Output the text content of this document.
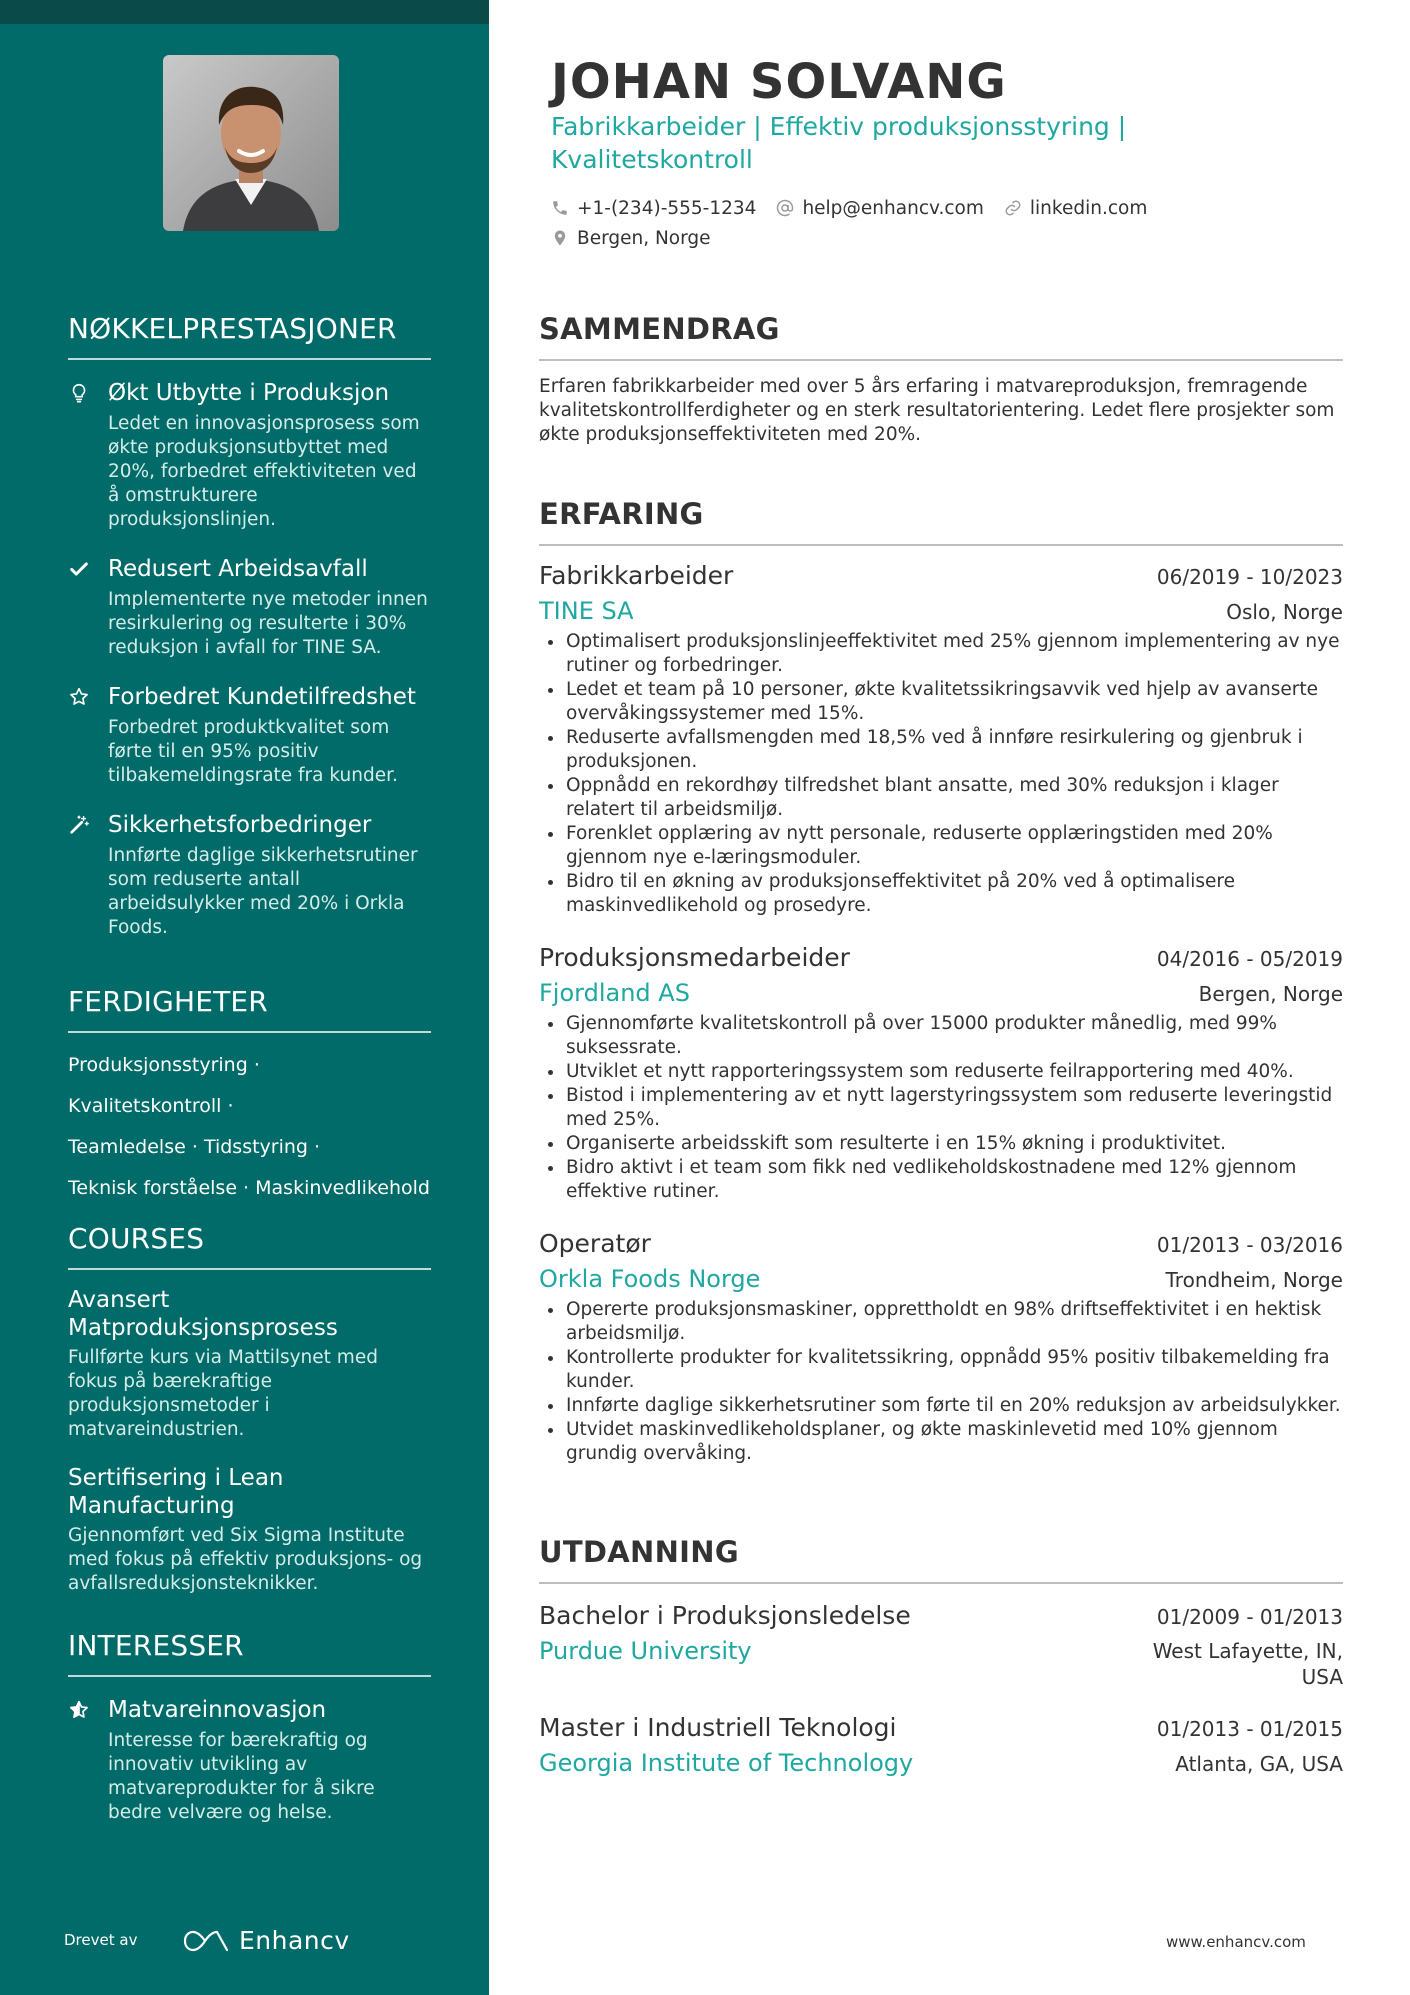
NØKKELPRESTASJONER
Økt Utbytte i Produksjon
Ledet en innovasjonsprosess som økte produksjonsutbyttet med 20%, forbedret effektiviteten ved å omstrukturere produksjonslinjen.
Redusert Arbeidsavfall
Implementerte nye metoder innen resirkulering og resulterte i 30% reduksjon i avfall for TINE SA.
Forbedret Kundetilfredshet
Forbedret produktkvalitet som førte til en 95% positiv tilbakemeldingsrate fra kunder.
Sikkerhetsforbedringer
Innførte daglige sikkerhetsrutiner som reduserte antall arbeidsulykker med 20% i Orkla Foods.
FERDIGHETER
Produksjonsstyring · Kvalitetskontroll ·
Teamledelse · Tidsstyring ·
Teknisk forståelse · Maskinvedlikehold
COURSES
Avansert Matproduksjonsprosess
Fullførte kurs via Mattilsynet med fokus på bærekraftige produksjonsmetoder i matvareindustrien.
Sertifisering i Lean Manufacturing
Gjennomført ved Six Sigma Institute med fokus på effektiv produksjons- og avfallsreduksjonsteknikker.
INTERESSER
Matvareinnovasjon
Interesse for bærekraftig og innovativ utvikling av matvareprodukter for å sikre bedre velvære og helse.
Drevet av	Enhancv
JOHAN SOLVANG
Fabrikkarbeider | Effektiv produksjonsstyring | Kvalitetskontroll
+1-(234)-555-1234 help@enhancv.com linkedin.com
Bergen, Norge
SAMMENDRAG

Erfaren fabrikkarbeider med over 5 års erfaring i matvareproduksjon, fremragende kvalitetskontrollferdigheter og en sterk resultatorientering. Ledet flere prosjekter som økte produksjonseffektiviteten med 20%.

ERFARING
Fabrikkarbeider	06/2019 - 10/2023
TINE SA	Oslo, Norge
Optimalisert produksjonslinjeeffektivitet med 25% gjennom implementering av nye rutiner og forbedringer.
Ledet et team på 10 personer, økte kvalitetssikringsavvik ved hjelp av avanserte overvåkingssystemer med 15%.
Reduserte avfallsmengden med 18,5% ved å innføre resirkulering og gjenbruk i produksjonen.
Oppnådd en rekordhøy tilfredshet blant ansatte, med 30% reduksjon i klager relatert til arbeidsmiljø.
Forenklet opplæring av nytt personale, reduserte opplæringstiden med 20% gjennom nye e-læringsmoduler.
Bidro til en økning av produksjonseffektivitet på 20% ved å optimalisere maskinvedlikehold og prosedyre.
Produksjonsmedarbeider	04/2016 - 05/2019
Fjordland AS	Bergen, Norge
Gjennomførte kvalitetskontroll på over 15000 produkter månedlig, med 99% suksessrate.
Utviklet et nytt rapporteringssystem som reduserte feilrapportering med 40%.
Bistod i implementering av et nytt lagerstyringssystem som reduserte leveringstid med 25%.
Organiserte arbeidsskift som resulterte i en 15% økning i produktivitet.
Bidro aktivt i et team som fikk ned vedlikeholdskostnadene med 12% gjennom effektive rutiner.
Operatør	01/2013 - 03/2016
Orkla Foods Norge	Trondheim, Norge
Opererte produksjonsmaskiner, opprettholdt en 98% driftseffektivitet i en hektisk arbeidsmiljø.
Kontrollerte produkter for kvalitetssikring, oppnådd 95% positiv tilbakemelding fra kunder.
Innførte daglige sikkerhetsrutiner som førte til en 20% reduksjon av arbeidsulykker.
Utvidet maskinvedlikeholdsplaner, og økte maskinlevetid med 10% gjennom grundig overvåking.
UTDANNING
Bachelor i Produksjonsledelse	01/2009 - 01/2013
Purdue University	West Lafayette, IN, USA
Master i Industriell Teknologi	01/2013 - 01/2015
Georgia Institute of Technology	Atlanta, GA, USA
www.enhancv.com
